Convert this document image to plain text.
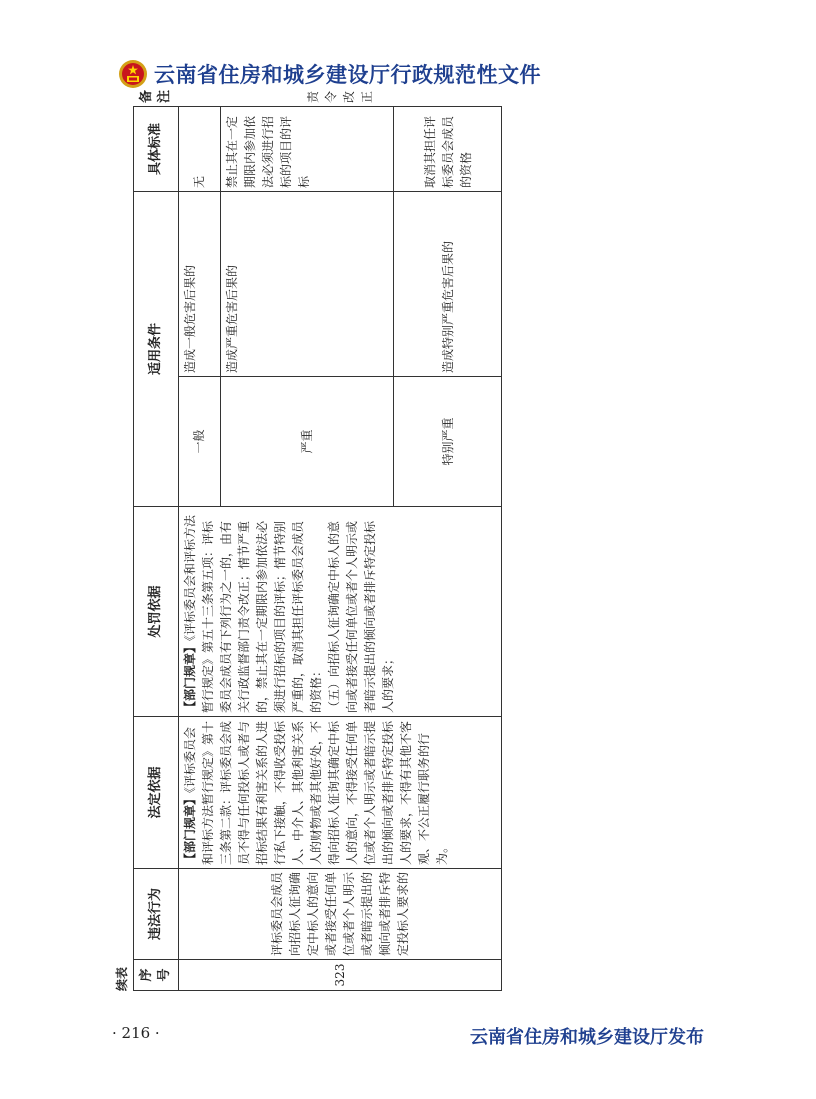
云南省住房和城乡建设厅行政规范性文件
续表 序号	违法行为	法定依据	处罚依据	适用条件		具体标准	备注
323	评标委员会成员向招标人征询确定中标人的意向或者接受任何单位或者个人明示或者暗示提出的倾向或者排斥特定投标人要求的	【部门规章】《评标委员会和评标方法暂行规定》第十三条第二款：评标委员会成员不得与任何投标人或者与招标结果有利害关系的人进行私下接触，不得收受投标人、中介人、其他利害关系人的财物或者其他好处，不得向招标人征询其确定中标人的意向，不得接受任何单位或者个人明示或者暗示提出的倾向或者排斥特定投标人的要求，不得有其他不客观、不公正履行职务的行为。	【部门规章】《评标委员会和评标方法暂行规定》第五十三条第五项：评标委员会成员有下列行为之一的，由有关行政监督部门责令改正；情节严重的，禁止其在一定期限内参加依法必须进行招标的项目的评标；情节特别严重的，取消其担任评标委员会成员的资格： （五）向招标人征询确定中标人的意向或者接受任何单位或者个人明示或者暗示提出的倾向或者排斥特定投标人的要求；	一般	造成一般危害后果的	无	责令改正
				严重	造成严重危害后果的	禁止其在一定期限内参加依法必须进行招标的项目的评标	
				特别严重	造成特别严重危害后果的	取消其担任评标委员会成员的资格	
· 216 ·	云南省住房和城乡建设厅发布
